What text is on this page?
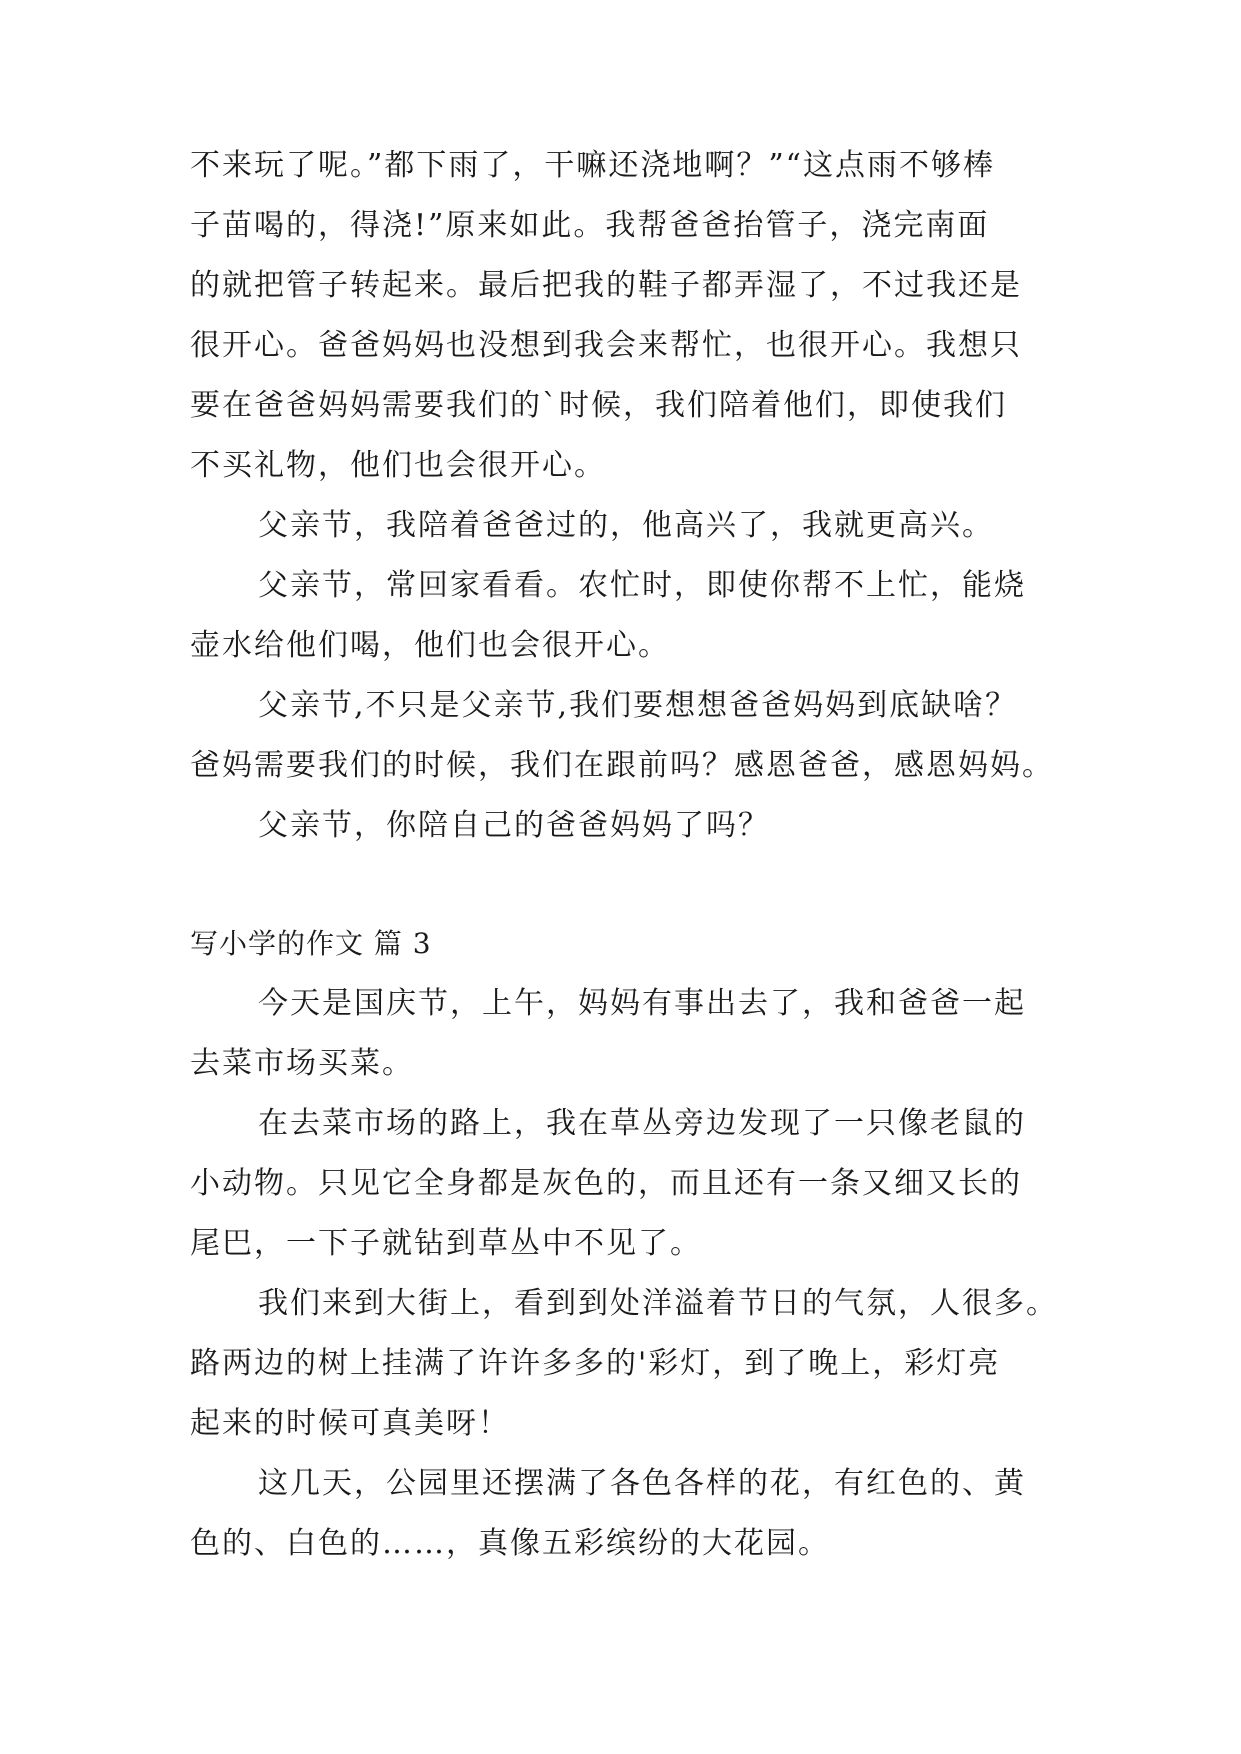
不来玩了呢。”都下雨了，干嘛还浇地啊？”“这点雨不够棒
子苗喝的，得浇!”原来如此。我帮爸爸抬管子，浇完南面
的就把管子转起来。最后把我的鞋子都弄湿了，不过我还是
很开心。爸爸妈妈也没想到我会来帮忙，也很开心。我想只
要在爸爸妈妈需要我们的`时候，我们陪着他们，即使我们
不买礼物，他们也会很开心。
父亲节，我陪着爸爸过的，他高兴了，我就更高兴。
父亲节，常回家看看。农忙时，即使你帮不上忙，能烧
壶水给他们喝，他们也会很开心。
父亲节,不只是父亲节,我们要想想爸爸妈妈到底缺啥？
爸妈需要我们的时候，我们在跟前吗？感恩爸爸，感恩妈妈。
父亲节，你陪自己的爸爸妈妈了吗？
写小学的作文 篇 3
今天是国庆节，上午，妈妈有事出去了，我和爸爸一起
去菜市场买菜。
在去菜市场的路上，我在草丛旁边发现了一只像老鼠的
小动物。只见它全身都是灰色的，而且还有一条又细又长的
尾巴，一下子就钻到草丛中不见了。
我们来到大街上，看到到处洋溢着节日的气氛，人很多。
路两边的树上挂满了许许多多的'彩灯，到了晚上，彩灯亮
起来的时候可真美呀！
这几天，公园里还摆满了各色各样的花，有红色的、黄
色的、白色的……，真像五彩缤纷的大花园。
